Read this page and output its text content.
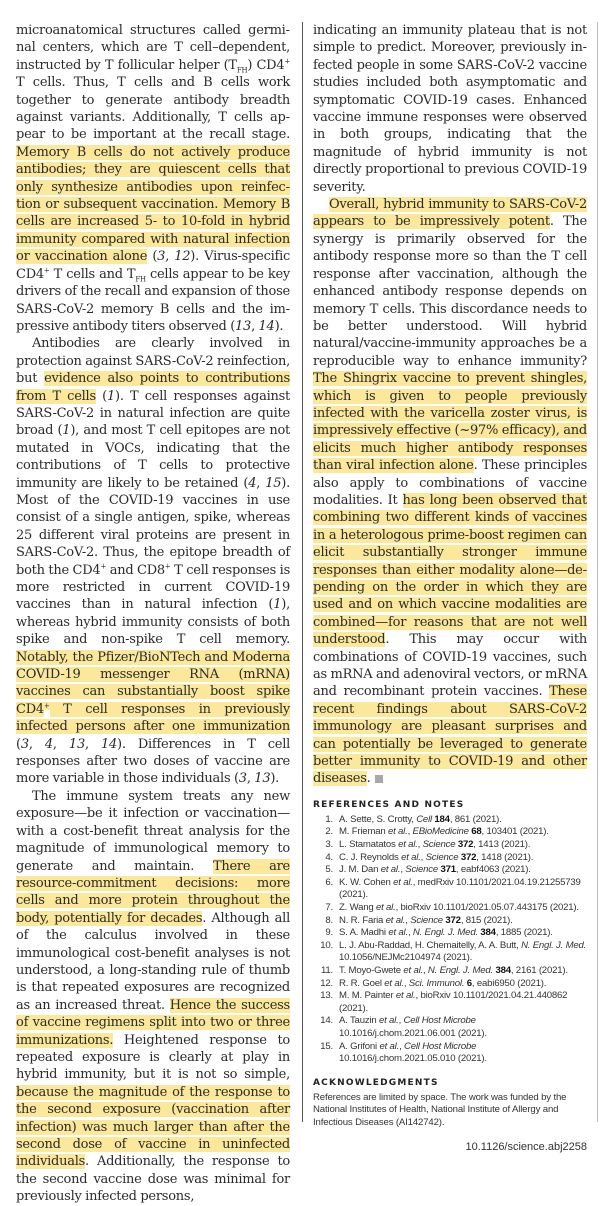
microanatomical structures called germinal centers, which are T cell–dependent, instructed by T follicular helper $(T_{FH})$ CD4+ T cells. Thus, T cells and B cells work together to generate antibody breadth against variants. Additionally, T cells appear to be important at the recall stage. Memory B cells do not actively produce antibodies; they are quiescent cells that only synthesize antibodies upon reinfection or subsequent vaccination. Memory B cells are increased 5- to 10-fold in hybrid immunity compared with natural infection or vaccination alone (3, 12). Virus-specific CD4+ T cells and $T_{FH}$ cells appear to be key drivers of the recall and expansion of those SARS-CoV-2 memory B cells and the impressive antibody titers observed (13, 14).

Antibodies are clearly involved in protection against SARS-CoV-2 reinfection, but evidence also points to contributions from T cells (1). T cell responses against SARS-CoV-2 in natural infection are quite broad (1), and most T cell epitopes are not mutated in VOCs, indicating that the contributions of T cells to protective immunity are likely to be retained (4, 15). Most of the COVID-19 vaccines in use consist of a single antigen, spike, whereas 25 different viral proteins are present in SARS-CoV-2. Thus, the epitope breadth of both the CD4+ and CD8+ T cell responses is more restricted in current COVID-19 vaccines than in natural infection (1), whereas hybrid immunity consists of both spike and non-spike T cell memory. Notably, the Pfizer/BioNTech and Moderna COVID-19 messenger RNA (mRNA) vaccines can substantially boost spike CD4+ T cell responses in previously infected persons after one immunization (3, 4, 13, 14). Differences in T cell responses after two doses of vaccine are more variable in those individuals (3, 13).

The immune system treats any new exposure—be it infection or vaccination—with a cost-benefit threat analysis for the magnitude of immunological memory to generate and maintain. There are resource-commitment decisions: more cells and more protein throughout the body, potentially for decades. Although all of the calculus involved in these immunological cost-benefit analyses is not understood, a long-standing rule of thumb is that repeated exposures are recognized as an increased threat. Hence the success of vaccine regimens split into two or three immunizations. Heightened response to repeated exposure is clearly at play in hybrid immunity, but it is not so simple, because the magnitude of the response to the second exposure (vaccination after infection) was much larger than after the second dose of vaccine in uninfected individuals. Additionally, the response to the second vaccine dose was minimal for previously infected persons,

indicating an immunity plateau that is not simple to predict. Moreover, previously infected people in some SARS-CoV-2 vaccine studies included both asymptomatic and symptomatic COVID-19 cases. Enhanced vaccine immune responses were observed in both groups, indicating that the magnitude of hybrid immunity is not directly proportional to previous COVID-19 severity.

Overall, hybrid immunity to SARS-CoV-2 appears to be impressively potent. The synergy is primarily observed for the antibody response more so than the T cell response after vaccination, although the enhanced antibody response depends on memory T cells. This discordance needs to be better understood. Will hybrid natural/vaccine-immunity approaches be a reproducible way to enhance immunity? The Shingrix vaccine to prevent shingles, which is given to people previously infected with the varicella zoster virus, is impressively effective (~97% efficacy), and elicits much higher antibody responses than viral infection alone. These principles also apply to combinations of vaccine modalities. It has long been observed that combining two different kinds of vaccines in a heterologous prime-boost regimen can elicit substantially stronger immune responses than either modality alone—depending on the order in which they are used and on which vaccine modalities are combined—for reasons that are not well understood. This may occur with combinations of COVID-19 vaccines, such as mRNA and adenoviral vectors, or mRNA and recombinant protein vaccines. These recent findings about SARS-CoV-2 immunology are pleasant surprises and can potentially be leveraged to generate better immunity to COVID-19 and other diseases.

REFERENCES AND NOTES
1. A. Sette, S. Crotty, Cell 184, 861 (2021).
2. M. Frieman et al., EBioMedicine 68, 103401 (2021).
3. L. Stamatatos et al., Science 372, 1413 (2021).
4. C. J. Reynolds et al., Science 372, 1418 (2021).
5. J. M. Dan et al., Science 371, eabf4063 (2021).
6. K. W. Cohen et al., medRxiv 10.1101/2021.04.19.21255739 (2021).
7. Z. Wang et al., bioRxiv 10.1101/2021.05.07.443175 (2021).
8. N. R. Faria et al., Science 372, 815 (2021).
9. S. A. Madhi et al., N. Engl. J. Med. 384, 1885 (2021).
10. L. J. Abu-Raddad, H. Chemaitelly, A. A. Butt, N. Engl. J. Med. 10.1056/NEJMc2104974 (2021).
11. T. Moyo-Gwete et al., N. Engl. J. Med. 384, 2161 (2021).
12. R. R. Goel et al., Sci. Immunol. 6, eabi6950 (2021).
13. M. M. Painter et al., bioRxiv 10.1101/2021.04.21.440862 (2021).
14. A. Tauzin et al., Cell Host Microbe 10.1016/j.chom.2021.06.001 (2021).
15. A. Grifoni et al., Cell Host Microbe 10.1016/j.chom.2021.05.010 (2021).
ACKNOWLEDGMENTS

References are limited by space. The work was funded by the National Institutes of Health, National Institute of Allergy and Infectious Diseases (AI142742).

10.1126/science.abj2258
